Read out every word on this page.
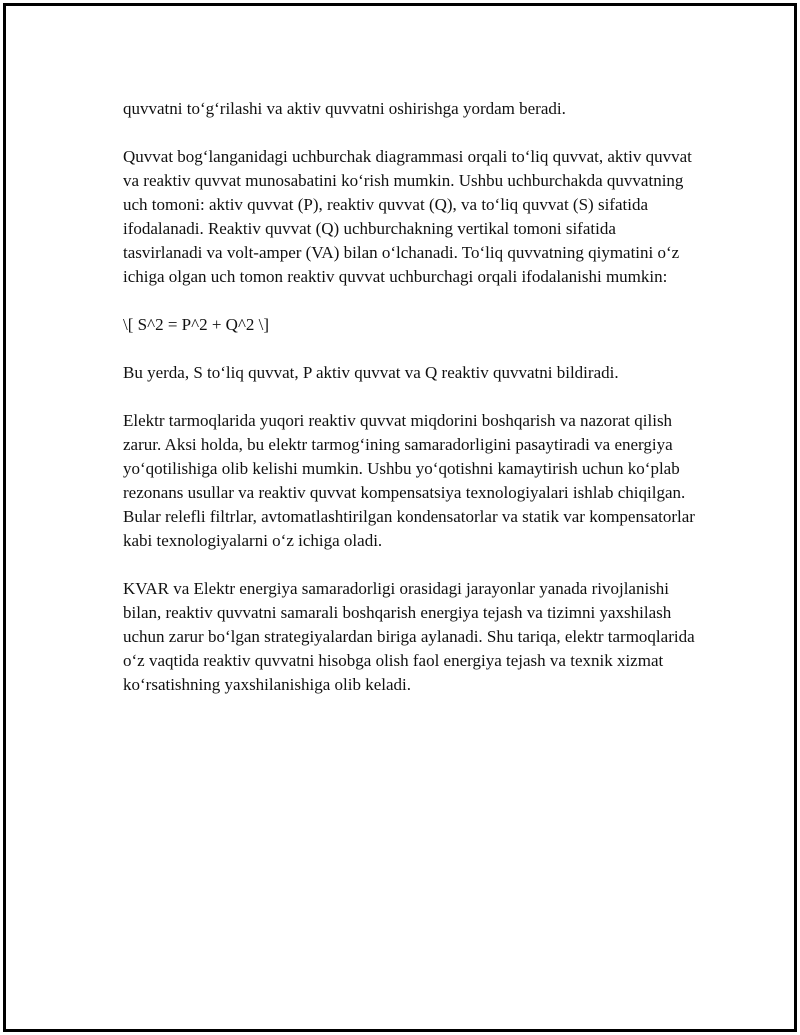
quvvatni to‘g‘rilashi va aktiv quvvatni oshirishga yordam beradi.

Quvvat bog‘langanidagi uchburchak diagrammasi orqali to‘liq quvvat, aktiv quvvat va reaktiv quvvat munosabatini ko‘rish mumkin. Ushbu uchburchakda quvvatning uch tomoni: aktiv quvvat (P), reaktiv quvvat (Q), va to‘liq quvvat (S) sifatida ifodalanadi. Reaktiv quvvat (Q) uchburchakning vertikal tomoni sifatida tasvirlanadi va volt-amper (VA) bilan o‘lchanadi. To‘liq quvvatning qiymatini o‘z ichiga olgan uch tomon reaktiv quvvat uchburchagi orqali ifodalanishi mumkin:

\[ S^2 = P^2 + Q^2 \]

Bu yerda, S to‘liq quvvat, P aktiv quvvat va Q reaktiv quvvatni bildiradi.

Elektr tarmoqlarida yuqori reaktiv quvvat miqdorini boshqarish va nazorat qilish zarur. Aksi holda, bu elektr tarmog‘ining samaradorligini pasaytiradi va energiya yo‘qotilishiga olib kelishi mumkin. Ushbu yo‘qotishni kamaytirish uchun ko‘plab rezonans usullar va reaktiv quvvat kompensatsiya texnologiyalari ishlab chiqilgan. Bular relefli filtrlar, avtomatlashtirilgan kondensatorlar va statik var kompensatorlar kabi texnologiyalarni o‘z ichiga oladi.

KVAR va Elektr energiya samaradorligi orasidagi jarayonlar yanada rivojlanishi bilan, reaktiv quvvatni samarali boshqarish energiya tejash va tizimni yaxshilash uchun zarur bo‘lgan strategiyalardan biriga aylanadi. Shu tariqa, elektr tarmoqlarida o‘z vaqtida reaktiv quvvatni hisobga olish faol energiya tejash va texnik xizmat ko‘rsatishning yaxshilanishiga olib keladi.
